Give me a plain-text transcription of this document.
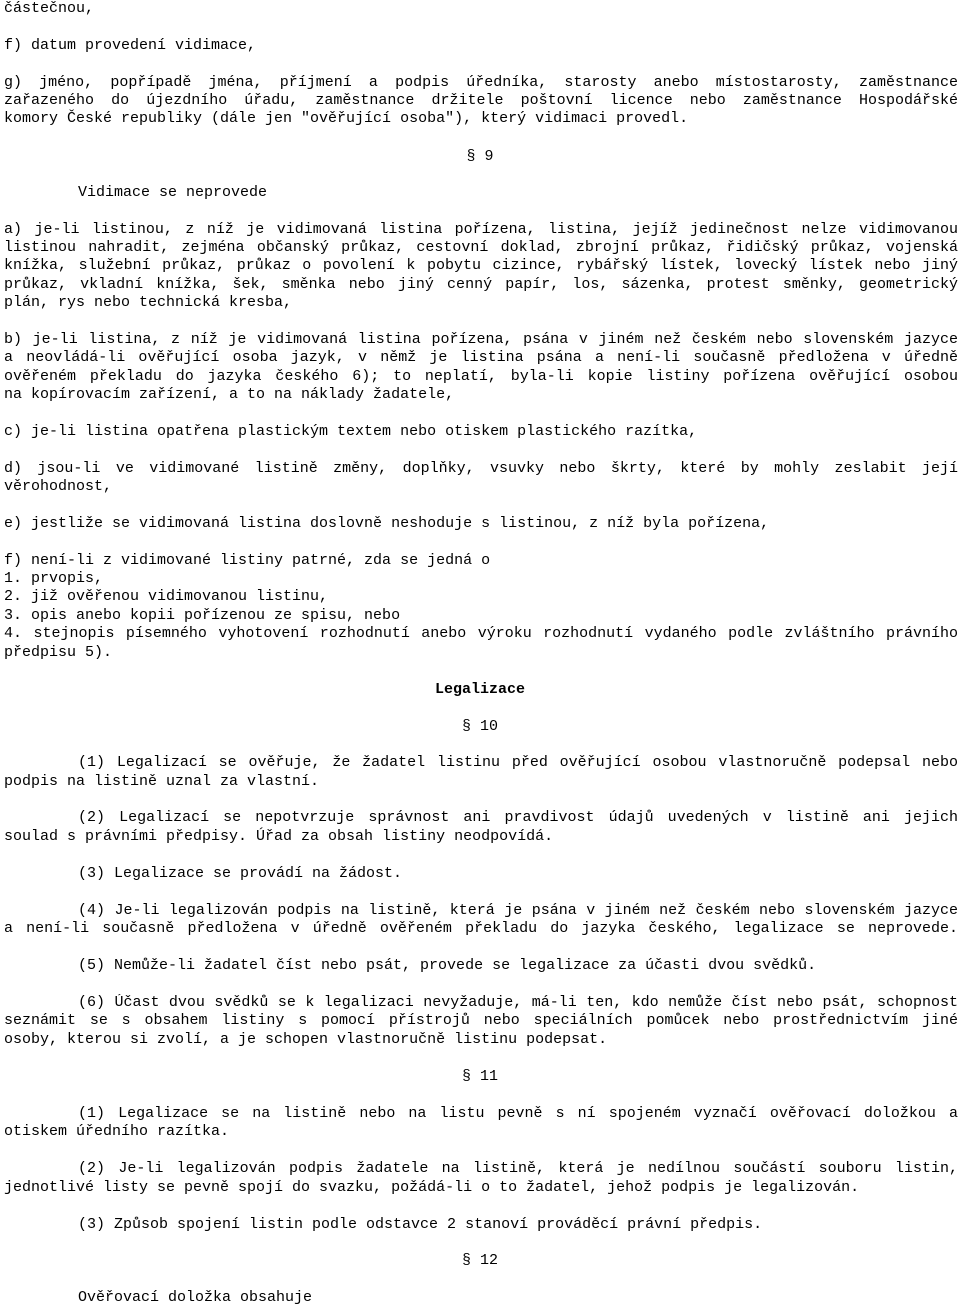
částečnou,
f) datum provedení vidimace,
g) jméno, popřípadě jména, příjmení a podpis úředníka, starosty anebo místostarosty, zaměstnance
zařazeného do újezdního úřadu, zaměstnance držitele poštovní licence nebo zaměstnance Hospodářské
komory České republiky (dále jen "ověřující osoba"), který vidimaci provedl.
§ 9
Vidimace se neprovede
a) je-li listinou, z níž je vidimovaná listina pořízena, listina, jejíž jedinečnost nelze vidimovanou
listinou nahradit, zejména občanský průkaz, cestovní doklad, zbrojní průkaz, řidičský průkaz, vojenská
knížka, služební průkaz, průkaz o povolení k pobytu cizince, rybářský lístek, lovecký lístek nebo jiný
průkaz, vkladní knížka, šek, směnka nebo jiný cenný papír, los, sázenka, protest směnky, geometrický
plán, rys nebo technická kresba,
b) je-li listina, z níž je vidimovaná listina pořízena, psána v jiném než českém nebo slovenském jazyce
a neovládá-li ověřující osoba jazyk, v němž je listina psána a není-li současně předložena v úředně
ověřeném překladu do jazyka českého 6); to neplatí, byla-li kopie listiny pořízena ověřující osobou
na kopírovacím zařízení, a to na náklady žadatele,
c) je-li listina opatřena plastickým textem nebo otiskem plastického razítka,
d) jsou-li ve vidimované listině změny, doplňky, vsuvky nebo škrty, které by mohly zeslabit její
věrohodnost,
e) jestliže se vidimovaná listina doslovně neshoduje s listinou, z níž byla pořízena,
f) není-li z vidimované listiny patrné, zda se jedná o
1. prvopis,
2. již ověřenou vidimovanou listinu,
3. opis anebo kopii pořízenou ze spisu, nebo
4. stejnopis písemného vyhotovení rozhodnutí anebo výroku rozhodnutí vydaného podle zvláštního právního
předpisu 5).
Legalizace
§ 10
(1) Legalizací se ověřuje, že žadatel listinu před ověřující osobou vlastnoručně podepsal nebo
podpis na listině uznal za vlastní.
(2) Legalizací se nepotvrzuje správnost ani pravdivost údajů uvedených v listině ani jejich
soulad s právními předpisy. Úřad za obsah listiny neodpovídá.
(3) Legalizace se provádí na žádost.
(4) Je-li legalizován podpis na listině, která je psána v jiném než českém nebo slovenském jazyce
a není-li současně předložena v úředně ověřeném překladu do jazyka českého, legalizace se neprovede.
(5) Nemůže-li žadatel číst nebo psát, provede se legalizace za účasti dvou svědků.
(6) Účast dvou svědků se k legalizaci nevyžaduje, má-li ten, kdo nemůže číst nebo psát, schopnost
seznámit se s obsahem listiny s pomocí přístrojů nebo speciálních pomůcek nebo prostřednictvím jiné
osoby, kterou si zvolí, a je schopen vlastnoručně listinu podepsat.
§ 11
(1) Legalizace se na listině nebo na listu pevně s ní spojeném vyznačí ověřovací doložkou a
otiskem úředního razítka.
(2) Je-li legalizován podpis žadatele na listině, která je nedílnou součástí souboru listin,
jednotlivé listy se pevně spojí do svazku, požádá-li o to žadatel, jehož podpis je legalizován.
(3) Způsob spojení listin podle odstavce 2 stanoví prováděcí právní předpis.
§ 12
Ověřovací doložka obsahuje
